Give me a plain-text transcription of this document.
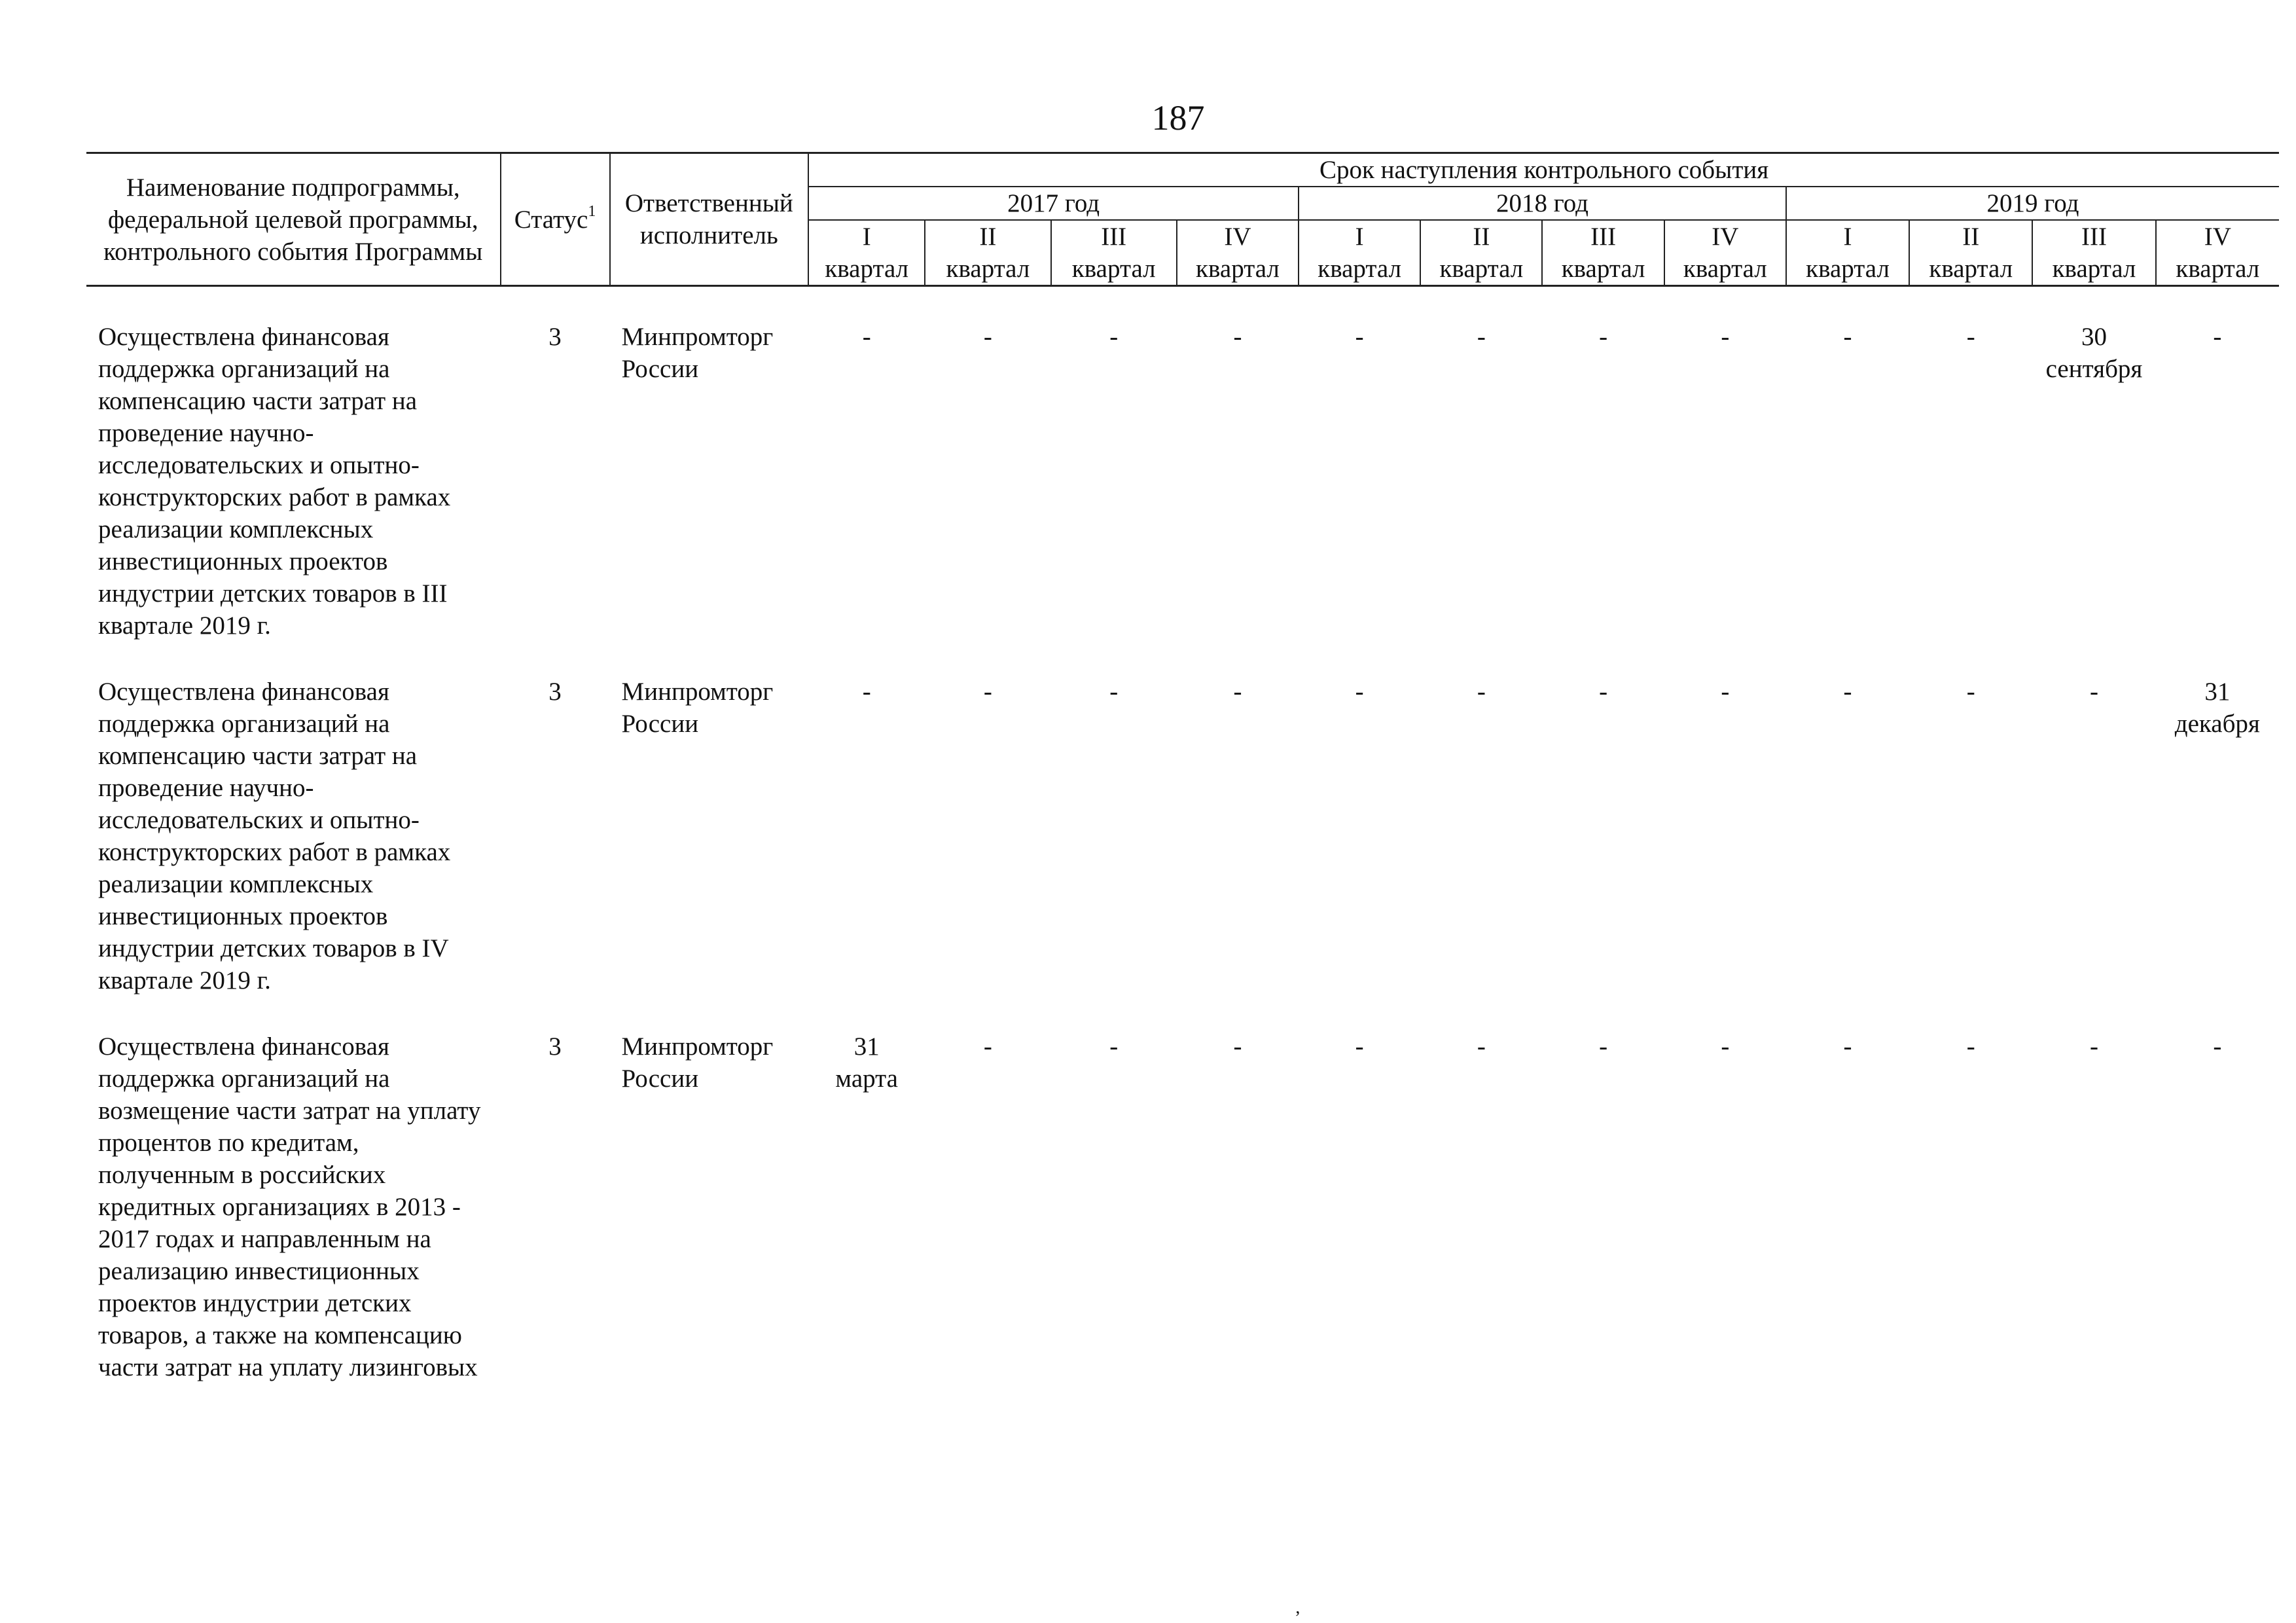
187
Наименование подпрограммы, федеральной целевой программы, контрольного события Программы	Статус$^1$	Ответственный
исполнитель	Срок наступления контрольного события											
			2017 год				2018 год				2019 год			
			I	II	III	IV	I	II	III	IV	I	II	III	IV
			квартал	квартал	квартал	квартал	квартал	квартал	квартал	квартал	квартал	квартал	квартал	квартал
Осуществлена финансовая поддержка организаций на компенсацию части затрат на проведение научно-исследовательских и опытно-конструкторских работ в рамках реализации комплексных инвестиционных проектов индустрии детских товаров в III квартале 2019 г.	3	Минпромторг России	-	-	-	-	-	-	-	-	-	-	30 сентября	-
Осуществлена финансовая поддержка организаций на компенсацию части затрат на проведение научно-исследовательских и опытно-конструкторских работ в рамках реализации комплексных инвестиционных проектов индустрии детских товаров в IV квартале 2019 г.	3	Минпромторг России	-	-	-	-	-	-	-	-	-	-	-	31 декабря
Осуществлена финансовая поддержка организаций на возмещение части затрат на уплату процентов по кредитам, полученным в российских кредитных организациях в 2013 - 2017 годах и направленным на реализацию инвестиционных проектов индустрии детских товаров, а также на компенсацию части затрат на уплату лизинговых	3	Минпромторг России	31 марта	-	-	-	-	-	-	-	-	-	-	-
‚
